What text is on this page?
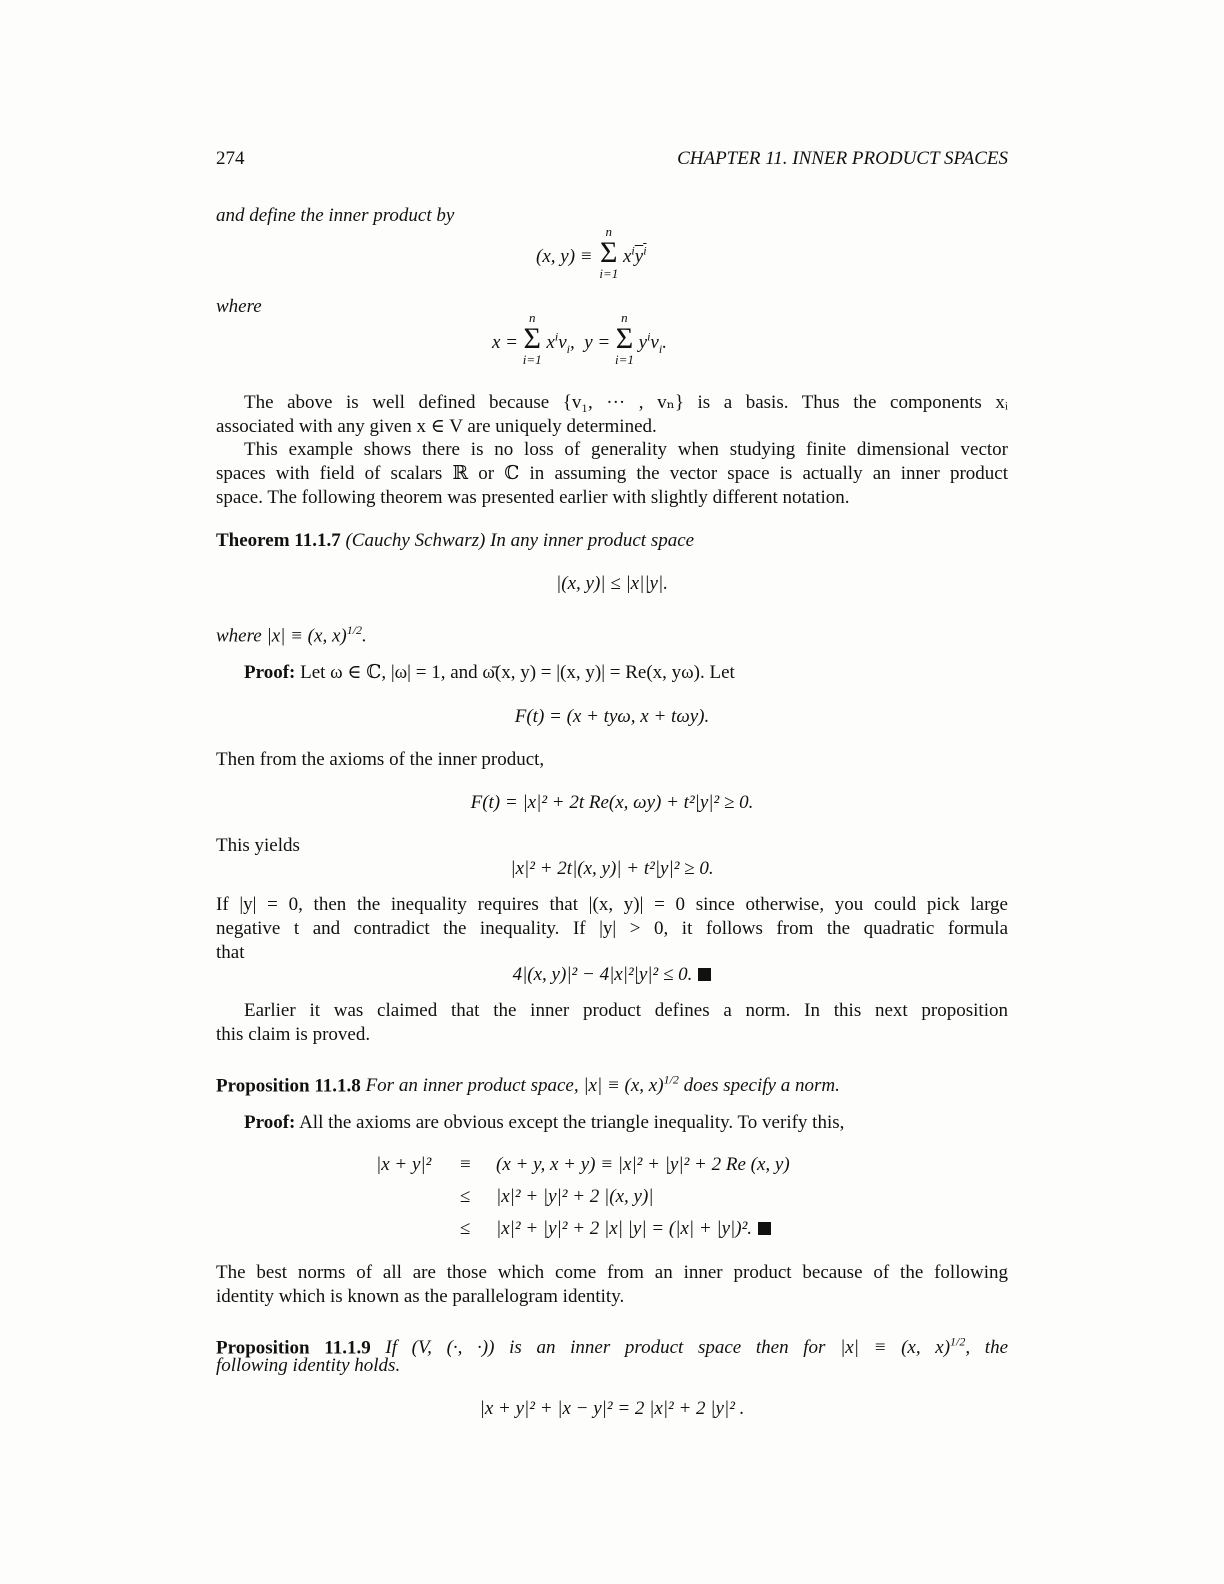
274	CHAPTER 11. INNER PRODUCT SPACES
and define the inner product by
(x, y) ≡
n
Σ
i=1
$x^iy^i$
where
x =
n
Σ
i=1
$x^iv_i$,  y =
n
Σ
i=1
$y^iv_i$.
The above is well defined because {v₁, ··· , vₙ} is a basis. Thus the components xᵢ
associated with any given x ∈ V are uniquely determined.
This example shows there is no loss of generality when studying finite dimensional vector
spaces with field of scalars ℝ or ℂ in assuming the vector space is actually an inner product
space. The following theorem was presented earlier with slightly different notation.
Theorem 11.1.7 (Cauchy Schwarz) In any inner product space
|(x, y)| ≤ |x||y|.
where |x| ≡ (x, x)$^{1/2}$.
Proof: Let ω ∈ ℂ, |ω| = 1, and ω̄(x, y) = |(x, y)| = Re(x, yω). Let
F(t) = (x + tyω, x + tωy).
Then from the axioms of the inner product,
F(t) = |x|² + 2t Re(x, ωy) + t²|y|² ≥ 0.
This yields
|x|² + 2t|(x, y)| + t²|y|² ≥ 0.
If |y| = 0, then the inequality requires that |(x, y)| = 0 since otherwise, you could pick large
negative t and contradict the inequality. If |y| > 0, it follows from the quadratic formula
that
4|(x, y)|² − 4|x|²|y|² ≤ 0.
Earlier it was claimed that the inner product defines a norm. In this next proposition
this claim is proved.
Proposition 11.1.8 For an inner product space, |x| ≡ (x, x)$^{1/2}$ does specify a norm.
Proof: All the axioms are obvious except the triangle inequality. To verify this,
|x + y|² ≡ (x + y, x + y) ≡ |x|² + |y|² + 2 Re (x, y)
≤ |x|² + |y|² + 2 |(x, y)|
≤ |x|² + |y|² + 2 |x| |y| = (|x| + |y|)².
The best norms of all are those which come from an inner product because of the following
identity which is known as the parallelogram identity.
Proposition 11.1.9 If (V, (·, ·)) is an inner product space then for |x| ≡ (x, x)$^{1/2}$, the
following identity holds.
|x + y|² + |x − y|² = 2 |x|² + 2 |y|² .
